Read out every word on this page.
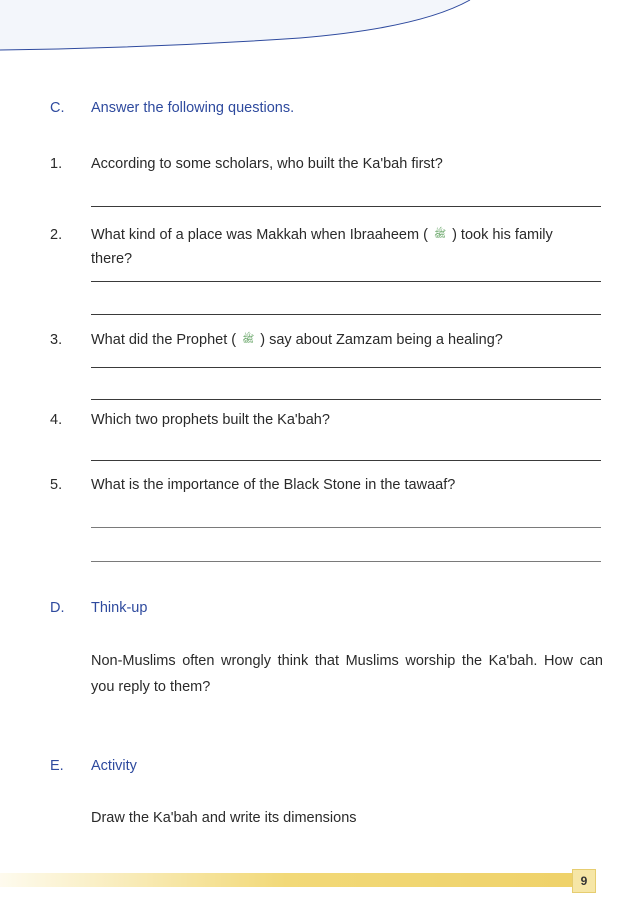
C. Answer the following questions.
1. According to some scholars, who built the Ka'bah first?
2. What kind of a place was Makkah when Ibraaheem ( ﷺ ) took his family
there?
3. What did the Prophet ( ﷺ ) say about Zamzam being a healing?
4. Which two prophets built the Ka'bah?
5. What is the importance of the Black Stone in the tawaaf?
D. Think-up
Non-Muslims often wrongly think that Muslims worship the Ka'bah. How can you reply to them?
E. Activity
Draw the Ka'bah and write its dimensions
9
